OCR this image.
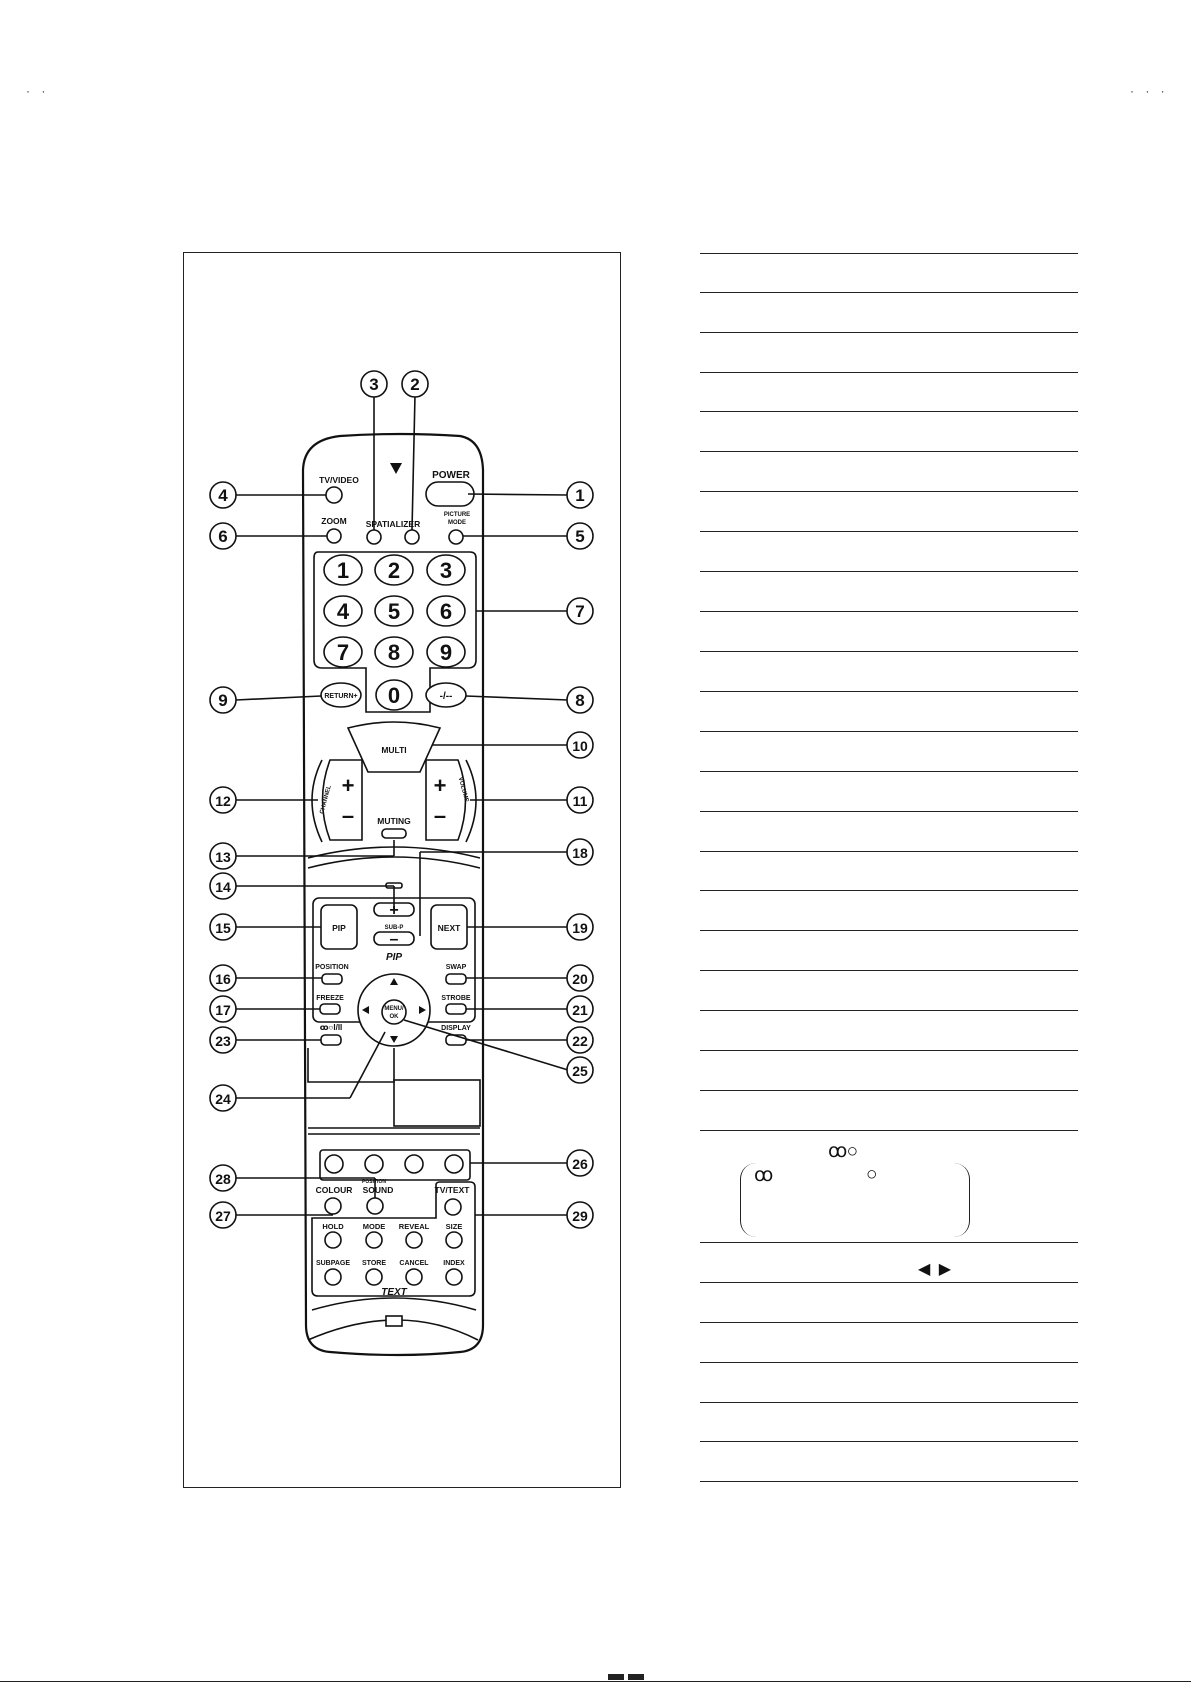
· ·	· · ·
TV/VIDEO	POWER
ZOOM SPATIALIZER
PICTURE
MODE
1 2 3
4 5 6
7 8 9
0
RETURN+	-/--
MULTI
CHANNEL +
–
VOLUME
+
–
MUTING
PIP	NEXT
+
SUB-P
–
PIP
POSITION	SWAP
FREEZE	STROBE
MENU/
OK
ꝏ○I/II	DISPLAY
POSITION
COLOUR SOUND	TV/TEXT
HOLD	MODE REVEAL SIZE
SUBPAGE STORE CANCEL INDEX
TEXT
1
2
3
4
5
6
7
8
9
10
11
12
13
14
15
16
17
18
19
20
21
22
23
24
25
26
27
28
29
ꝏ ○
ꝏ	○
◀ ▶
